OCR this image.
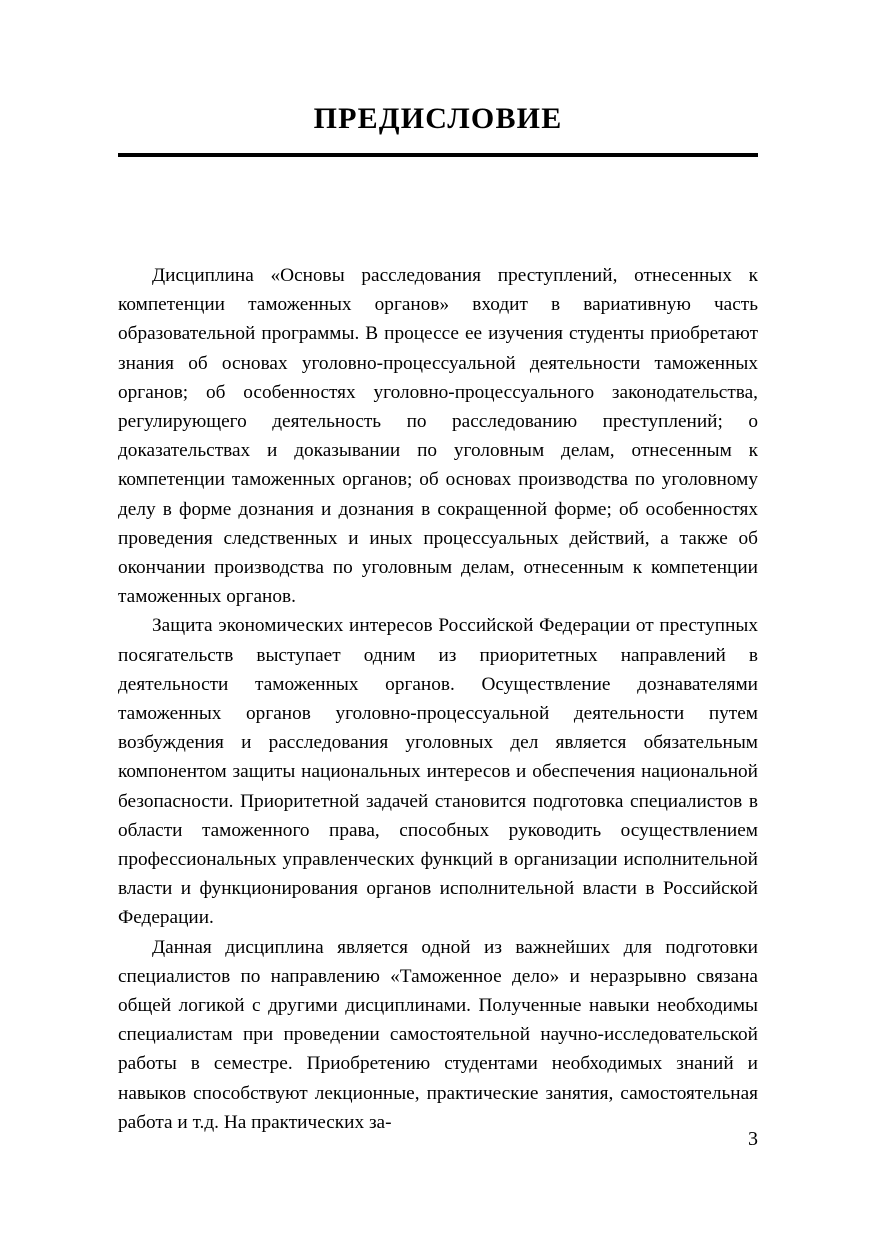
ПРЕДИСЛОВИЕ

Дисциплина «Основы расследования преступлений, отнесенных к компетенции таможенных органов» входит в вариативную часть образовательной программы. В процессе ее изучения студенты приобретают знания об основах уголовно-процессуальной деятельности таможенных органов; об особенностях уголовно-процессуального законодательства, регулирующего деятельность по расследованию преступлений; о доказательствах и доказывании по уголовным делам, отнесенным к компетенции таможенных органов; об основах производства по уголовному делу в форме дознания и дознания в сокращенной форме; об особенностях проведения следственных и иных процессуальных действий, а также об окончании производства по уголовным делам, отнесенным к компетенции таможенных органов.

Защита экономических интересов Российской Федерации от преступных посягательств выступает одним из приоритетных направлений в деятельности таможенных органов. Осуществление дознавателями таможенных органов уголовно-процессуальной деятельности путем возбуждения и расследования уголовных дел является обязательным компонентом защиты национальных интересов и обеспечения национальной безопасности. Приоритетной задачей становится подготовка специалистов в области таможенного права, способных руководить осуществлением профессиональных управленческих функций в организации исполнительной власти и функционирования органов исполнительной власти в Российской Федерации.

Данная дисциплина является одной из важнейших для подготовки специалистов по направлению «Таможенное дело» и неразрывно связана общей логикой с другими дисциплинами. Полученные навыки необходимы специалистам при проведении самостоятельной научно-исследовательской работы в семестре. Приобретению студентами необходимых знаний и навыков способствуют лекционные, практические занятия, самостоятельная работа и т.д. На практических за-

3
